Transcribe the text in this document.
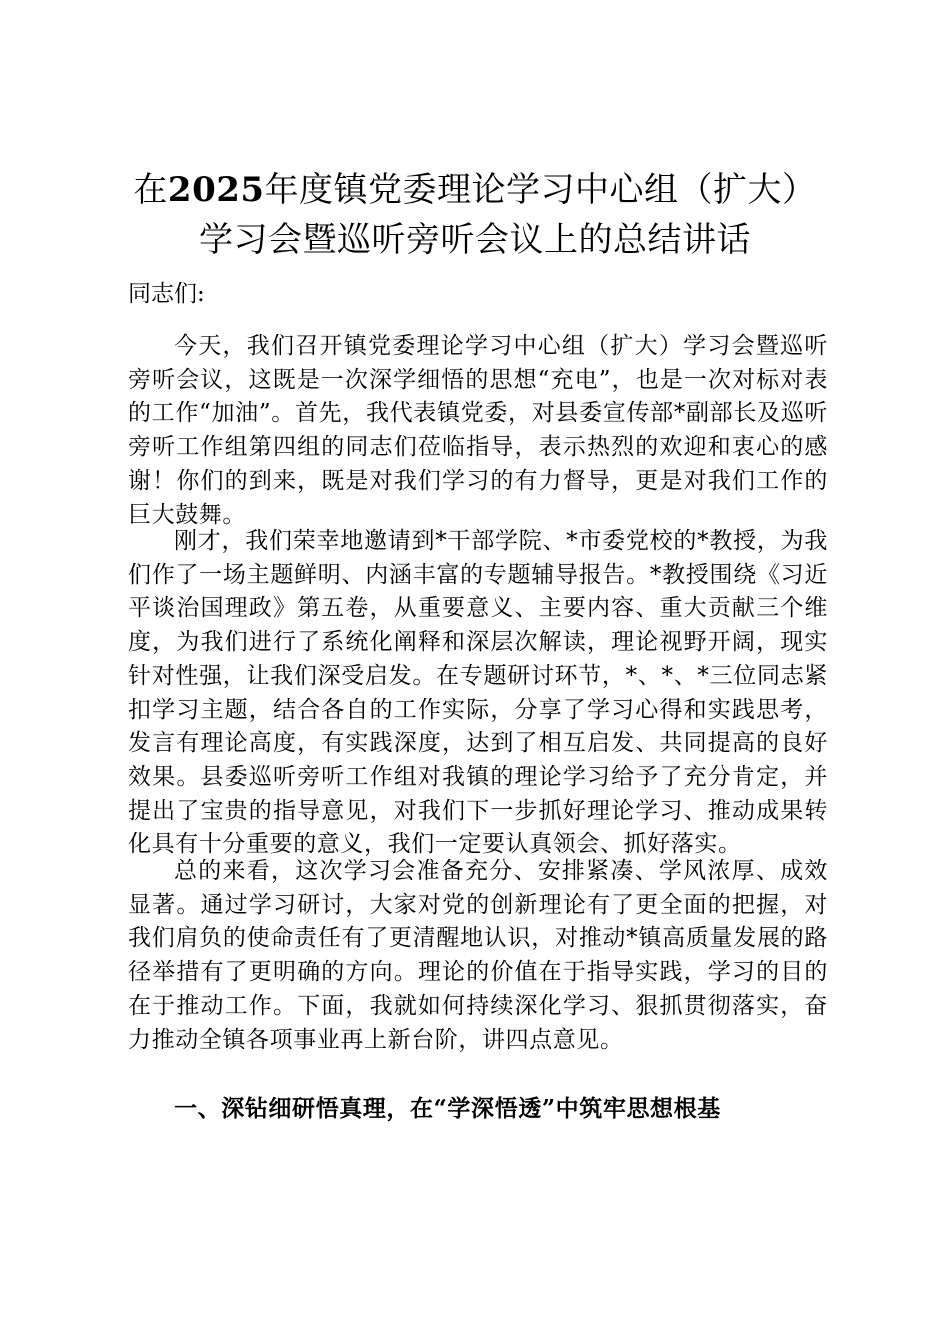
在2025年度镇党委理论学习中心组（扩大）
学习会暨巡听旁听会议上的总结讲话
同志们:

今天，我们召开镇党委理论学习中心组（扩大）学习会暨巡听旁听会议，这既是一次深学细悟的思想“充电”，也是一次对标对表的工作“加油”。首先，我代表镇党委，对县委宣传部*副部长及巡听旁听工作组第四组的同志们莅临指导，表示热烈的欢迎和衷心的感谢！你们的到来，既是对我们学习的有力督导，更是对我们工作的巨大鼓舞。

刚才，我们荣幸地邀请到*干部学院、*市委党校的*教授，为我们作了一场主题鲜明、内涵丰富的专题辅导报告。*教授围绕《习近平谈治国理政》第五卷，从重要意义、主要内容、重大贡献三个维度，为我们进行了系统化阐释和深层次解读，理论视野开阔，现实针对性强，让我们深受启发。在专题研讨环节，*、*、*三位同志紧扣学习主题，结合各自的工作实际，分享了学习心得和实践思考，发言有理论高度，有实践深度，达到了相互启发、共同提高的良好效果。县委巡听旁听工作组对我镇的理论学习给予了充分肯定，并提出了宝贵的指导意见，对我们下一步抓好理论学习、推动成果转化具有十分重要的意义，我们一定要认真领会、抓好落实。

总的来看，这次学习会准备充分、安排紧凑、学风浓厚、成效显著。通过学习研讨，大家对党的创新理论有了更全面的把握，对我们肩负的使命责任有了更清醒地认识，对推动*镇高质量发展的路径举措有了更明确的方向。理论的价值在于指导实践，学习的目的在于推动工作。下面，我就如何持续深化学习、狠抓贯彻落实，奋力推动全镇各项事业再上新台阶，讲四点意见。

一、深钻细研悟真理，在“学深悟透”中筑牢思想根基
